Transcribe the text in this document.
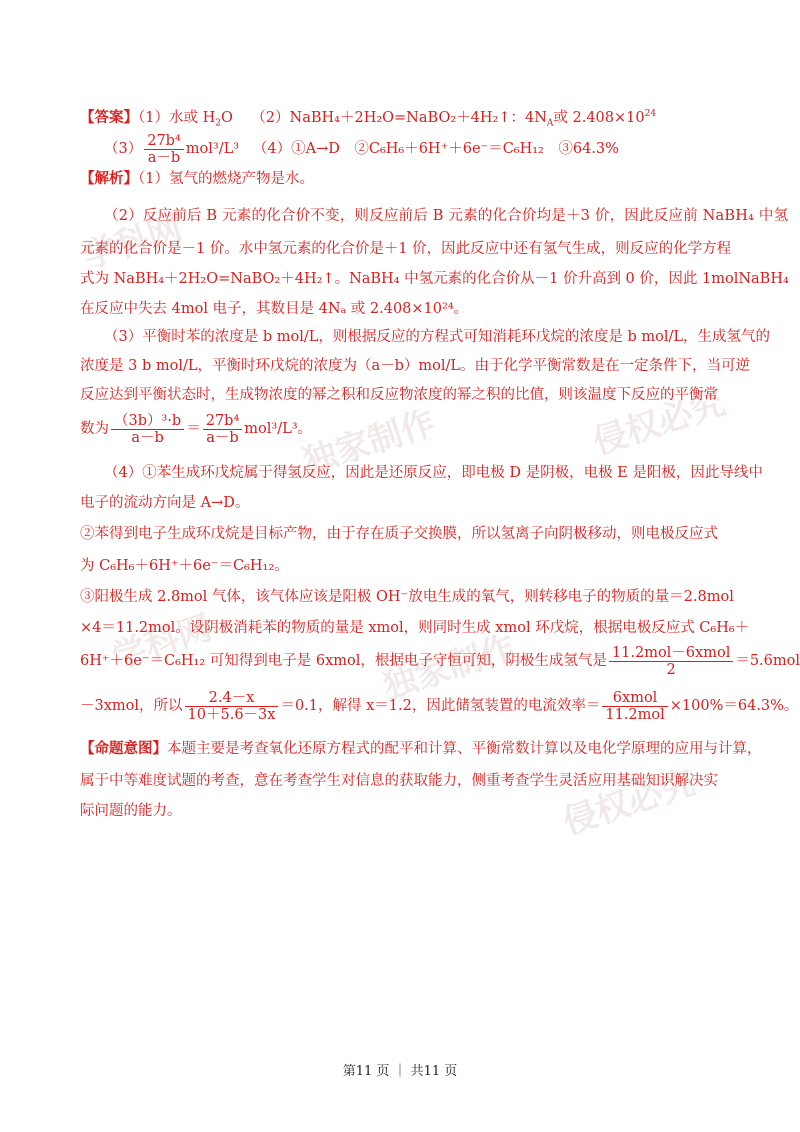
学科网
独家制作	侵权必究
学科网	独家制作
侵权必究
【答案】（1）水或 $H_2O$ （2）NaBH₄＋2H₂O=NaBO₂＋4H₂↑：$4N_A$或 $2.408\times 10^{24}$
$(3) \frac{\text{27b⁴}}{a-b} mol^3/L^3$ （4）①A→D　②C₆H₆＋6H⁺＋6e⁻＝C₆H₁₂　③64.3%
【解析】（1）氢气的燃烧产物是水。
（2）反应前后 B 元素的化合价不变，则反应前后 B 元素的化合价均是＋3 价，因此反应前 NaBH₄ 中氢
元素的化合价是－1 价。水中氢元素的化合价是＋1 价，因此反应中还有氢气生成，则反应的化学方程
式为 NaBH₄＋2H₂O=NaBO₂＋4H₂↑。NaBH₄ 中氢元素的化合价从－1 价升高到 0 价，因此 1molNaBH₄
在反应中失去 4mol 电子，其数目是 4Nₐ 或 2.408×10²⁴。
（3）平衡时苯的浓度是 b mol/L，则根据反应的方程式可知消耗环戊烷的浓度是 b mol/L，生成氢气的
浓度是 3 b mol/L，平衡时环戊烷的浓度为（a－b）mol/L。由于化学平衡常数是在一定条件下，当可逆
反应达到平衡状态时，生成物浓度的幂之积和反应物浓度的幂之积的比值，则该温度下反应的平衡常
数为 $\frac{\text{（3b）³·b}}{a-b} = \frac{\text{27b⁴}}{a-b} mol^3/L^3$。
（4）①苯生成环戊烷属于得氢反应，因此是还原反应，即电极 D 是阴极，电极 E 是阳极，因此导线中
电子的流动方向是 A→D。
②苯得到电子生成环戊烷是目标产物，由于存在质子交换膜，所以氢离子向阴极移动，则电极反应式
为 C₆H₆＋6H⁺＋6e⁻＝C₆H₁₂。
③阳极生成 2.8mol 气体，该气体应该是阳极 OH⁻放电生成的氧气，则转移电子的物质的量＝2.8mol
×4＝11.2mol。设阴极消耗苯的物质的量是 xmol，则同时生成 xmol 环戊烷，根据电极反应式 C₆H₆＋
6H⁺＋6e⁻＝C₆H₁₂ 可知得到电子是 6xmol，根据电子守恒可知，阴极生成氢气是 $\frac{\text{11.2mol－6xmol}}{2} =5.6mol$
－3xmol，所以 $\frac{2.4-x}{10+5.6-3x} =0.1$，解得 x＝1.2，因此储氢装置的电流效率＝ $\frac{\text{6xmol}}{\text{11.2mol}} \times 100\%=64.3\%$。
【命题意图】本题主要是考查氧化还原方程式的配平和计算、平衡常数计算以及电化学原理的应用与计算，
属于中等难度试题的考查，意在考查学生对信息的获取能力，侧重考查学生灵活应用基础知识解决实
际问题的能力。
第11 页 ｜ 共11 页
